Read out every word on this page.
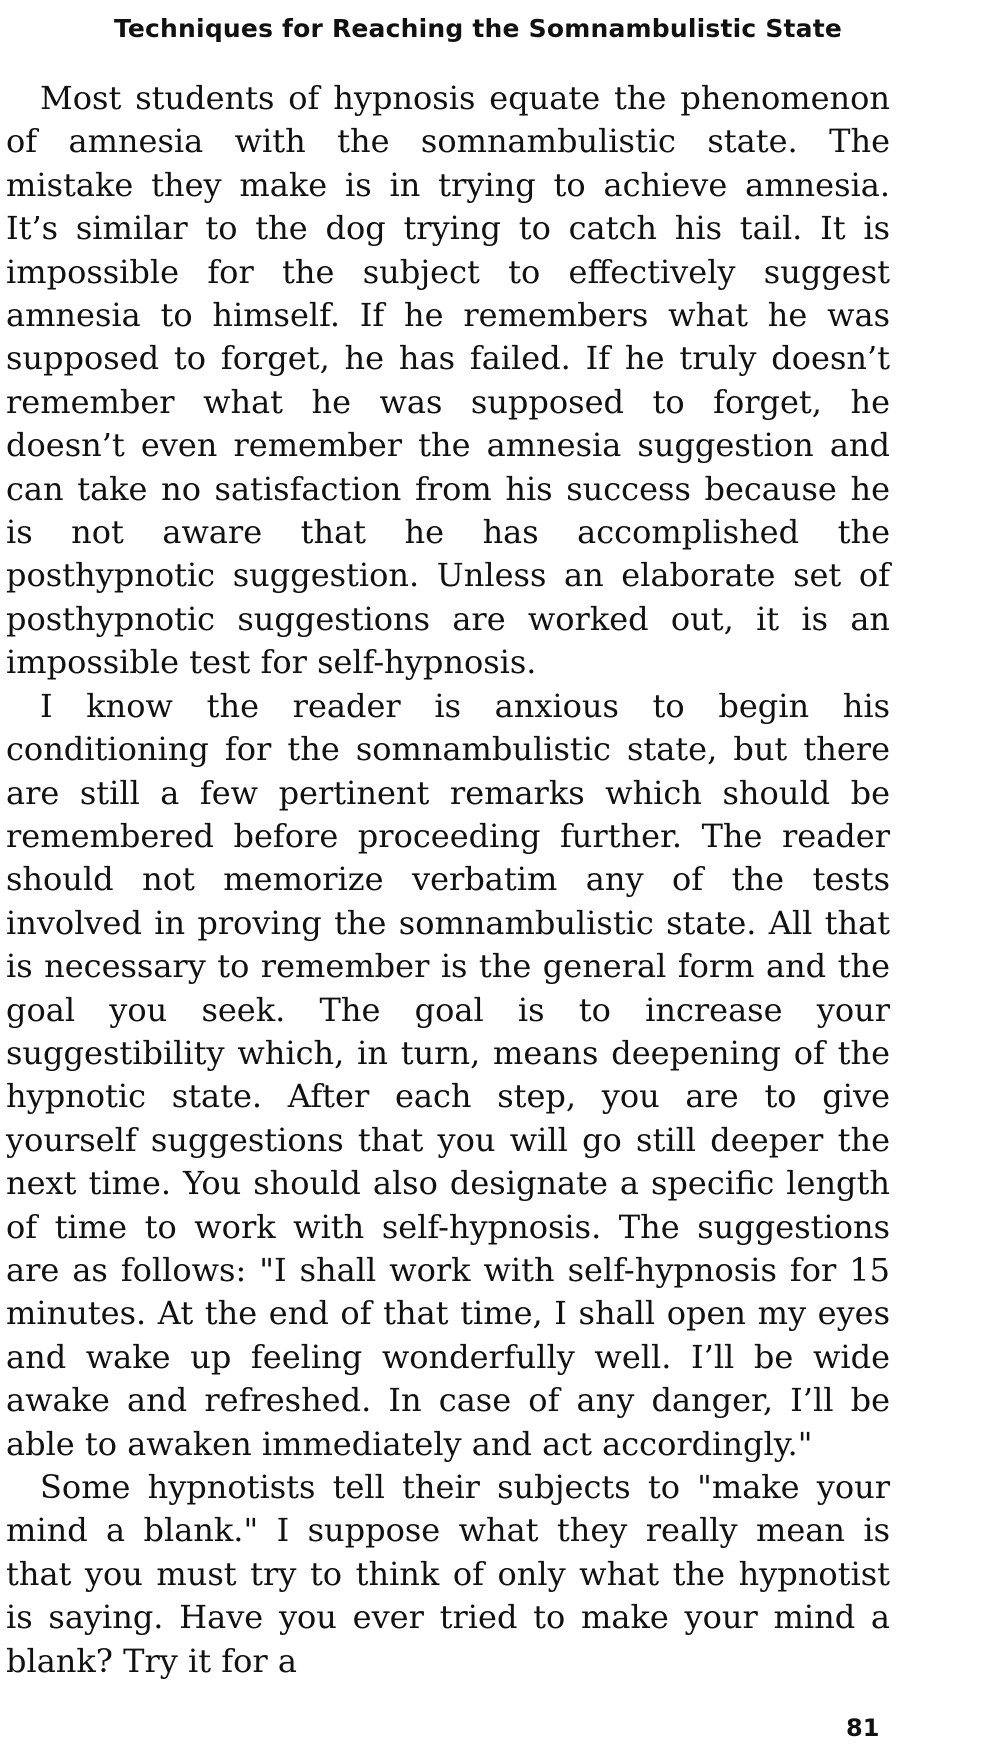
Techniques for Reaching the Somnambulistic State

Most students of hypnosis equate the phenomenon of amnesia with the somnambulistic state. The mistake they make is in trying to achieve amnesia. It’s similar to the dog trying to catch his tail. It is impossible for the subject to effectively suggest amnesia to himself. If he remembers what he was supposed to forget, he has failed. If he truly doesn’t remember what he was supposed to forget, he doesn’t even remember the amnesia suggestion and can take no satisfaction from his success because he is not aware that he has accomplished the posthypnotic suggestion. Unless an elaborate set of posthypnotic suggestions are worked out, it is an impossible test for self-hypnosis.

I know the reader is anxious to begin his conditioning for the somnambulistic state, but there are still a few pertinent remarks which should be remembered before proceeding further. The reader should not memorize verbatim any of the tests involved in proving the somnambulistic state. All that is necessary to remember is the general form and the goal you seek. The goal is to increase your suggestibility which, in turn, means deepening of the hypnotic state. After each step, you are to give yourself suggestions that you will go still deeper the next time. You should also designate a specific length of time to work with self-hypnosis. The suggestions are as follows: "I shall work with self-hypnosis for 15 minutes. At the end of that time, I shall open my eyes and wake up feeling wonderfully well. I’ll be wide awake and refreshed. In case of any danger, I’ll be able to awaken immediately and act accordingly."

Some hypnotists tell their subjects to "make your mind a blank." I suppose what they really mean is that you must try to think of only what the hypnotist is saying. Have you ever tried to make your mind a blank? Try it for a

81
